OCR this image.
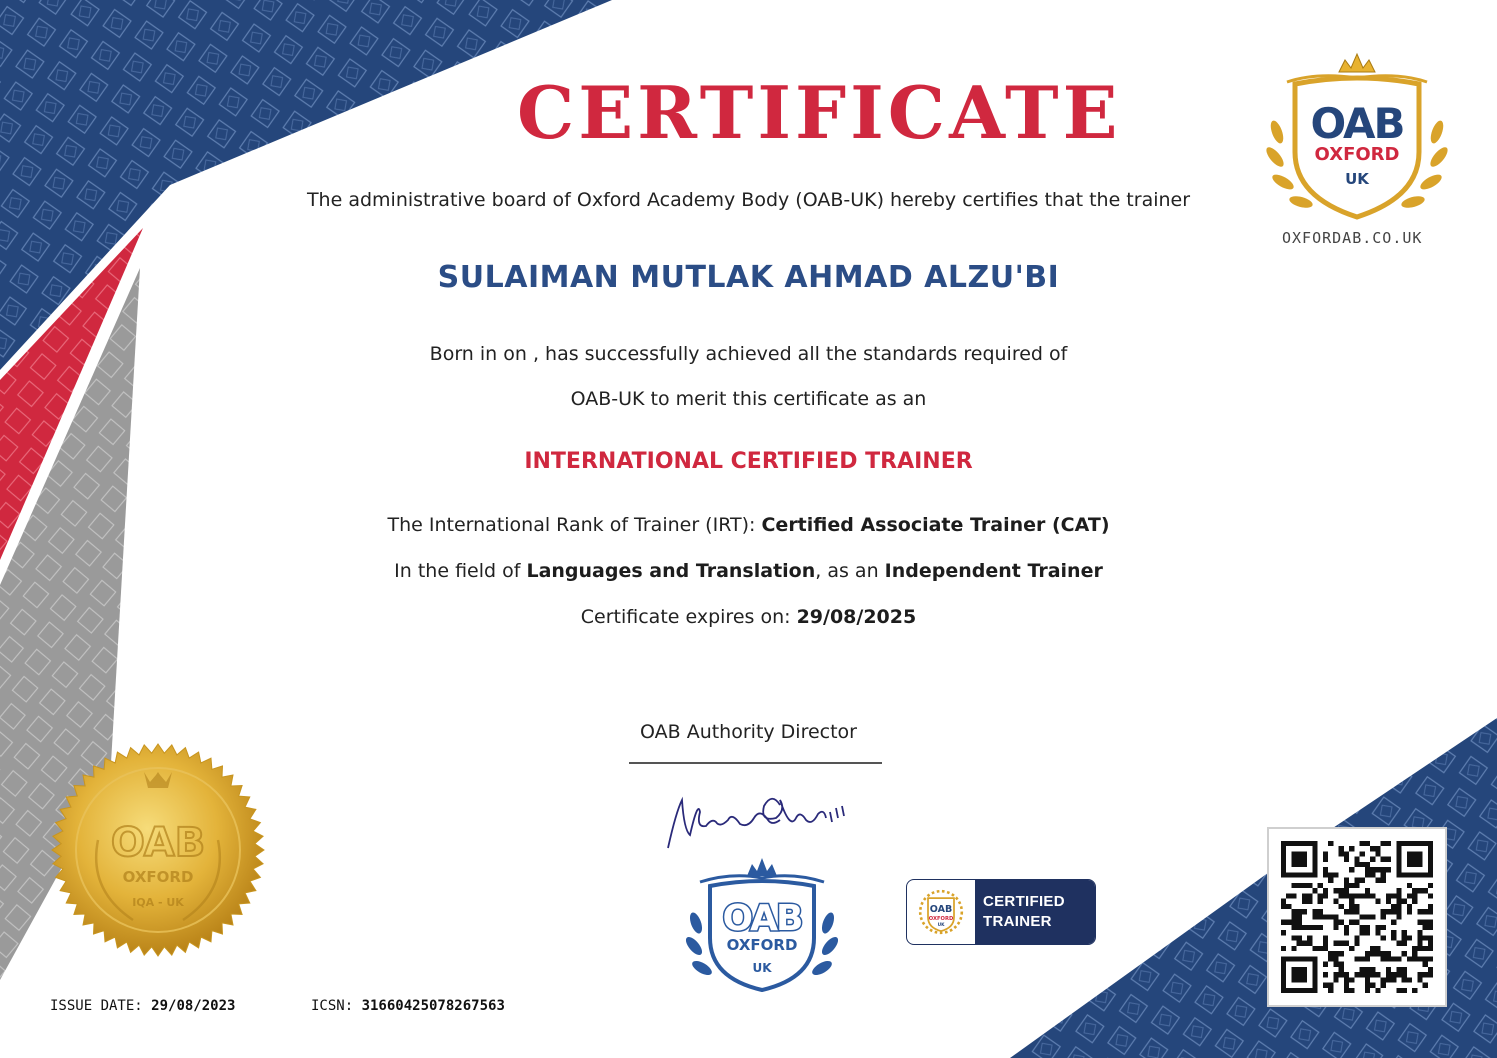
OAB
OXFORD
IQA - UK
OAB
OXFORD
UK
OAB
OXFORD
UK
CERTIFICATE
The administrative board of Oxford Academy Body (OAB-UK) hereby certifies that the trainer
OXFORDAB.CO.UK
SULAIMAN MUTLAK AHMAD ALZU'BI
Born in on , has successfully achieved all the standards required of
OAB-UK to merit this certificate as an
INTERNATIONAL CERTIFIED TRAINER
The International Rank of Trainer (IRT): Certified Associate Trainer (CAT)
In the field of Languages and Translation, as an Independent Trainer
Certificate expires on: 29/08/2025
OAB Authority Director
OAB
OXFORD
UK
CERTIFIED
TRAINER
ISSUE DATE: 29/08/2023	ICSN: 31660425078267563
